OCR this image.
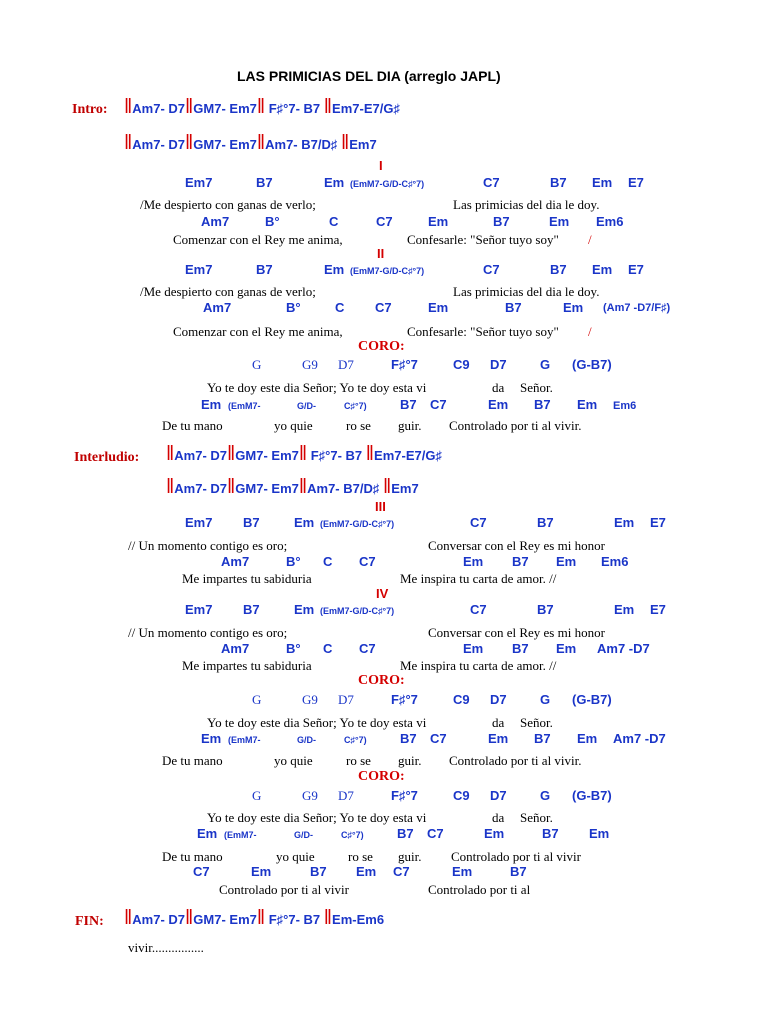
LAS PRIMICIAS DEL DIA (arreglo JAPL)
Intro: ‖Am7- D7‖GM7- Em7‖ F♯°7- B7 ‖Em7-E7/G♯
‖Am7- D7‖GM7- Em7‖Am7- B7/D♯ ‖Em7
I
Em7	B7	Em (EmM7-G/D-C♯°7)	C7	B7 Em E7
/Me despierto con ganas de verlo;	Las primicias del dia le doy.
Am7	B°	C	C7	Em	B7	Em Em6
Comenzar con el Rey me anima,	Confesarle: "Señor tuyo soy" /
II
Em7	B7	Em (EmM7-G/D-C♯°7)	C7	B7 Em E7
/Me despierto con ganas de verlo;	Las primicias del dia le doy.
Am7	B°	C C7	Em	B7	Em (Am7 -D7/F♯)
Comenzar con el Rey me anima,	Confesarle: "Señor tuyo soy" /
CORO:
G	G9 D7	F♯°7	C9 D7	G (G-B7)
Yo te doy este dia Señor; Yo te doy esta vi	da Señor.
Em (EmM7-	G/D-	C♯°7)	B7 C7	Em B7 Em Em6
De tu mano	yo quie	ro se guir. Controlado por ti al vivir.
Interludio: ‖Am7- D7‖GM7- Em7‖ F♯°7- B7 ‖Em7-E7/G♯
‖Am7- D7‖GM7- Em7‖Am7- B7/D♯ ‖Em7
III
Em7 B7	Em (EmM7-G/D-C♯°7)	C7	B7	Em E7
// Un momento contigo es oro;	Conversar con el Rey es mi honor
Am7	B° C C7	Em B7 Em Em6
Me impartes tu sabiduria	Me inspira tu carta de amor. //
IV
Em7 B7	Em (EmM7-G/D-C♯°7)	C7	B7	Em E7
// Un momento contigo es oro;	Conversar con el Rey es mi honor
Am7	B° C C7	Em B7 Em Am7 -D7
Me impartes tu sabiduria	Me inspira tu carta de amor. //
CORO:
G	G9 D7	F♯°7	C9 D7	G (G-B7)
Yo te doy este dia Señor; Yo te doy esta vi	da Señor.
Em (EmM7-	G/D-	C♯°7)	B7 C7	Em B7 Em Am7 -D7
De tu mano	yo quie	ro se guir. Controlado por ti al vivir.
CORO:
G	G9 D7	F♯°7	C9 D7	G (G-B7)
Yo te doy este dia Señor; Yo te doy esta vi	da Señor.
Em (EmM7-	G/D-	C♯°7)	B7 C7	Em	B7 Em
De tu mano	yo quie	ro se guir. Controlado por ti al vivir
C7	Em	B7 Em C7	Em	B7
Controlado por ti al vivir	Controlado por ti al
FIN: ‖Am7- D7‖GM7- Em7‖ F♯°7- B7 ‖Em-Em6
vivir................
